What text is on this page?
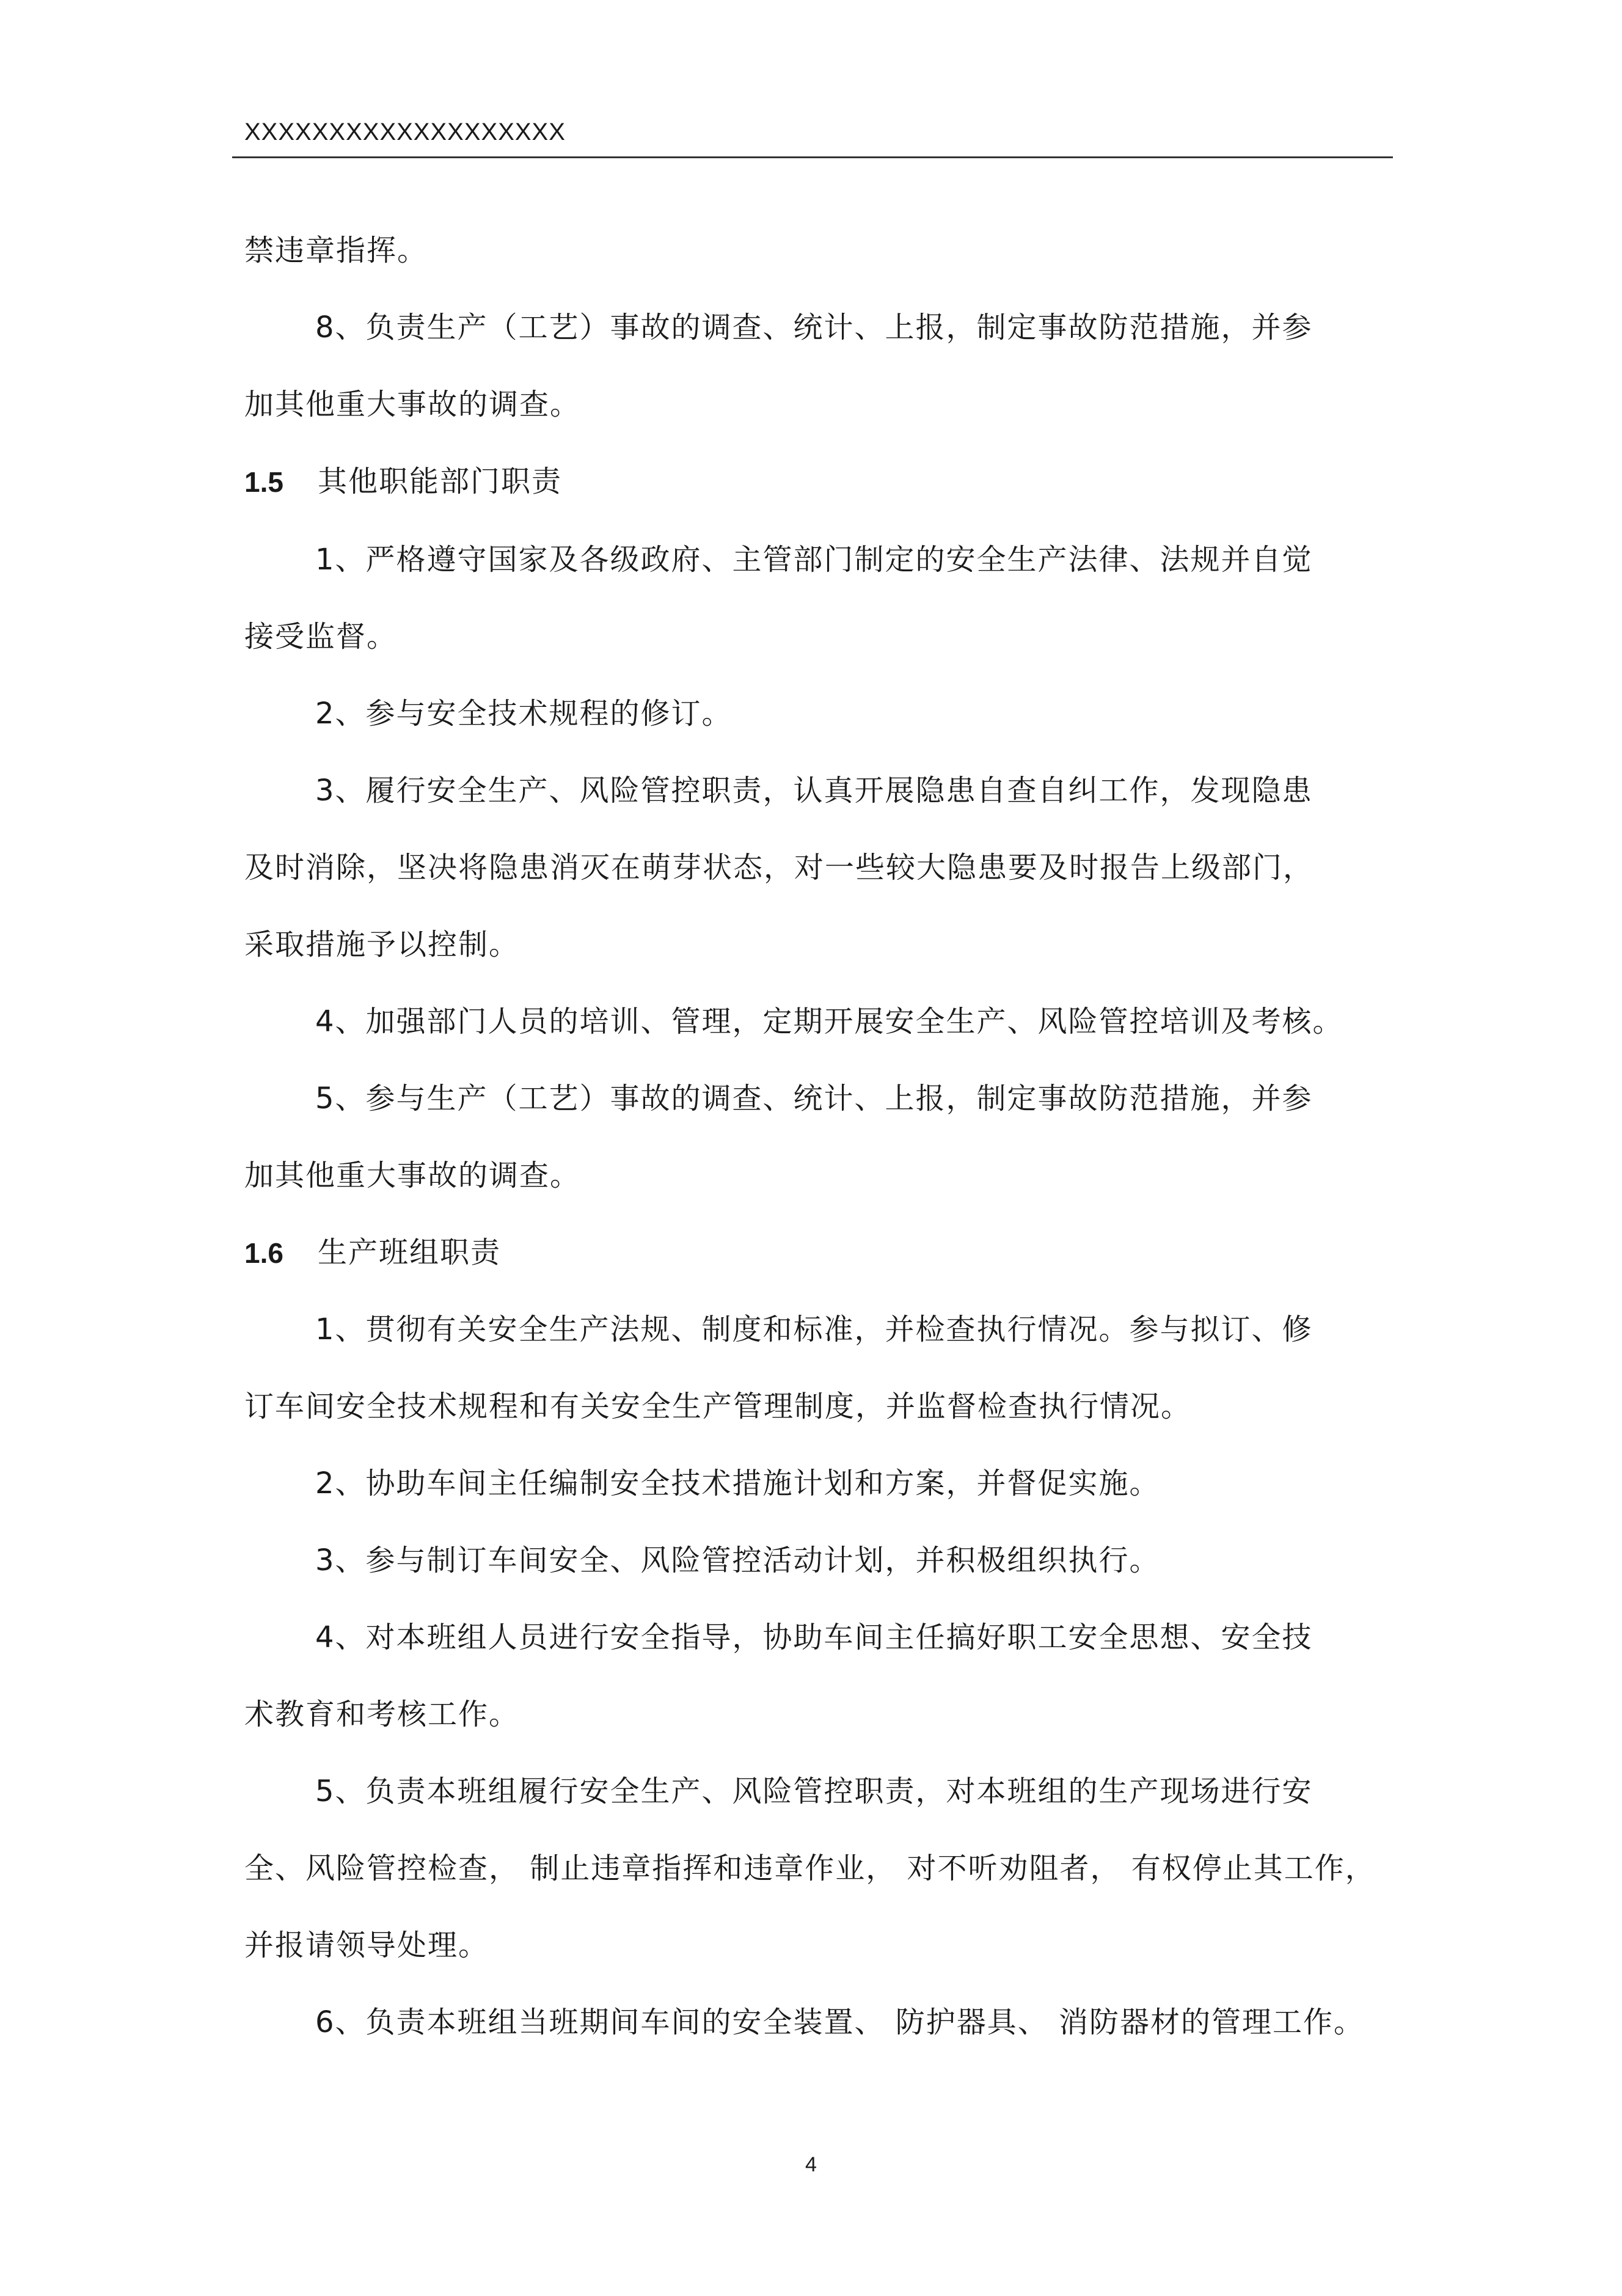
XXXXXXXXXXXXXXXXXXX
禁违章指挥。
8、负责生产（工艺）事故的调查、统计、上报，制定事故防范措施，并参
加其他重大事故的调查。
1.5 其他职能部门职责
1、严格遵守国家及各级政府、主管部门制定的安全生产法律、法规并自觉
接受监督。
2、参与安全技术规程的修订。
3、履行安全生产、风险管控职责，认真开展隐患自查自纠工作，发现隐患
及时消除，坚决将隐患消灭在萌芽状态，对一些较大隐患要及时报告上级部门，
采取措施予以控制。
4、加强部门人员的培训、管理，定期开展安全生产、风险管控培训及考核。
5、参与生产（工艺）事故的调查、统计、上报，制定事故防范措施，并参
加其他重大事故的调查。
1.6 生产班组职责
1、贯彻有关安全生产法规、制度和标准，并检查执行情况。参与拟订、修
订车间安全技术规程和有关安全生产管理制度，并监督检查执行情况。
2、协助车间主任编制安全技术措施计划和方案，并督促实施。
3、参与制订车间安全、风险管控活动计划，并积极组织执行。
4、对本班组人员进行安全指导，协助车间主任搞好职工安全思想、安全技
术教育和考核工作。
5、负责本班组履行安全生产、风险管控职责，对本班组的生产现场进行安
全、风险管控检查， 制止违章指挥和违章作业， 对不听劝阻者， 有权停止其工作，
并报请领导处理。
6、负责本班组当班期间车间的安全装置、 防护器具、 消防器材的管理工作。
4
